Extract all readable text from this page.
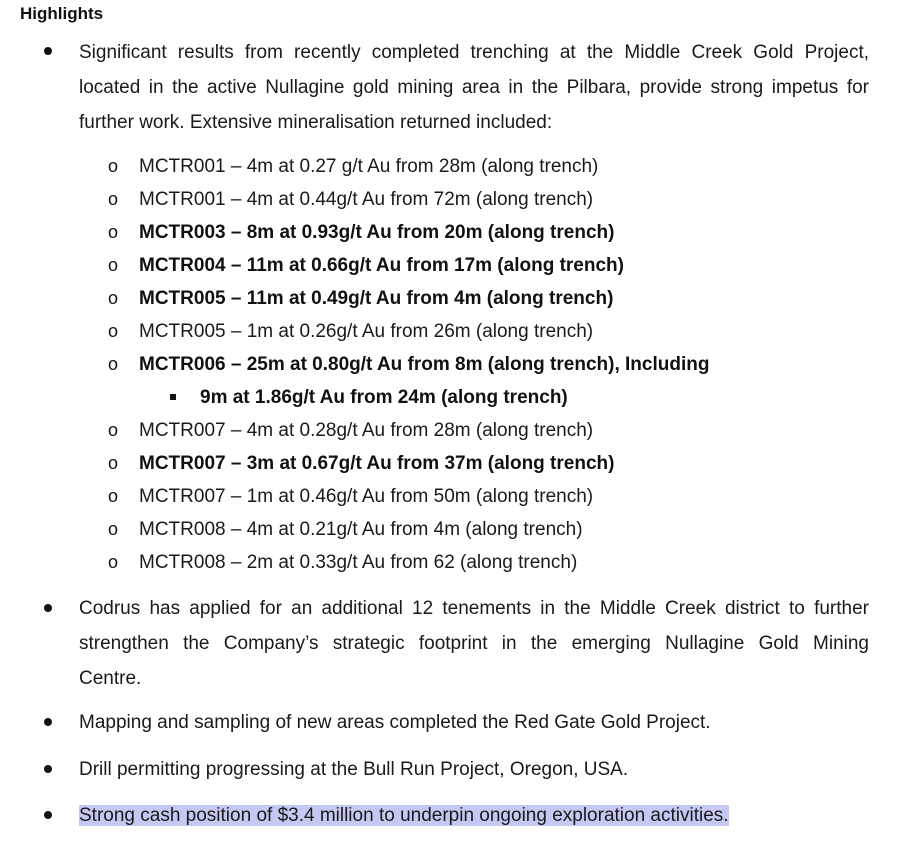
Highlights
Significant results from recently completed trenching at the Middle Creek Gold Project,
located in the active Nullagine gold mining area in the Pilbara, provide strong impetus for
further work. Extensive mineralisation returned included:
o	MCTR001 – 4m at 0.27 g/t Au from 28m (along trench)
o	MCTR001 – 4m at 0.44g/t Au from 72m (along trench)
o	MCTR003 – 8m at 0.93g/t Au from 20m (along trench)
o	MCTR004 – 11m at 0.66g/t Au from 17m (along trench)
o	MCTR005 – 11m at 0.49g/t Au from 4m (along trench)
o	MCTR005 – 1m at 0.26g/t Au from 26m (along trench)
o	MCTR006 – 25m at 0.80g/t Au from 8m (along trench), Including
9m at 1.86g/t Au from 24m (along trench)
o	MCTR007 – 4m at 0.28g/t Au from 28m (along trench)
o	MCTR007 – 3m at 0.67g/t Au from 37m (along trench)
o	MCTR007 – 1m at 0.46g/t Au from 50m (along trench)
o	MCTR008 – 4m at 0.21g/t Au from 4m (along trench)
o	MCTR008 – 2m at 0.33g/t Au from 62 (along trench)
Codrus has applied for an additional 12 tenements in the Middle Creek district to further
strengthen the Company’s strategic footprint in the emerging Nullagine Gold Mining
Centre.
Mapping and sampling of new areas completed the Red Gate Gold Project.
Drill permitting progressing at the Bull Run Project, Oregon, USA.
Strong cash position of $3.4 million to underpin ongoing exploration activities.
